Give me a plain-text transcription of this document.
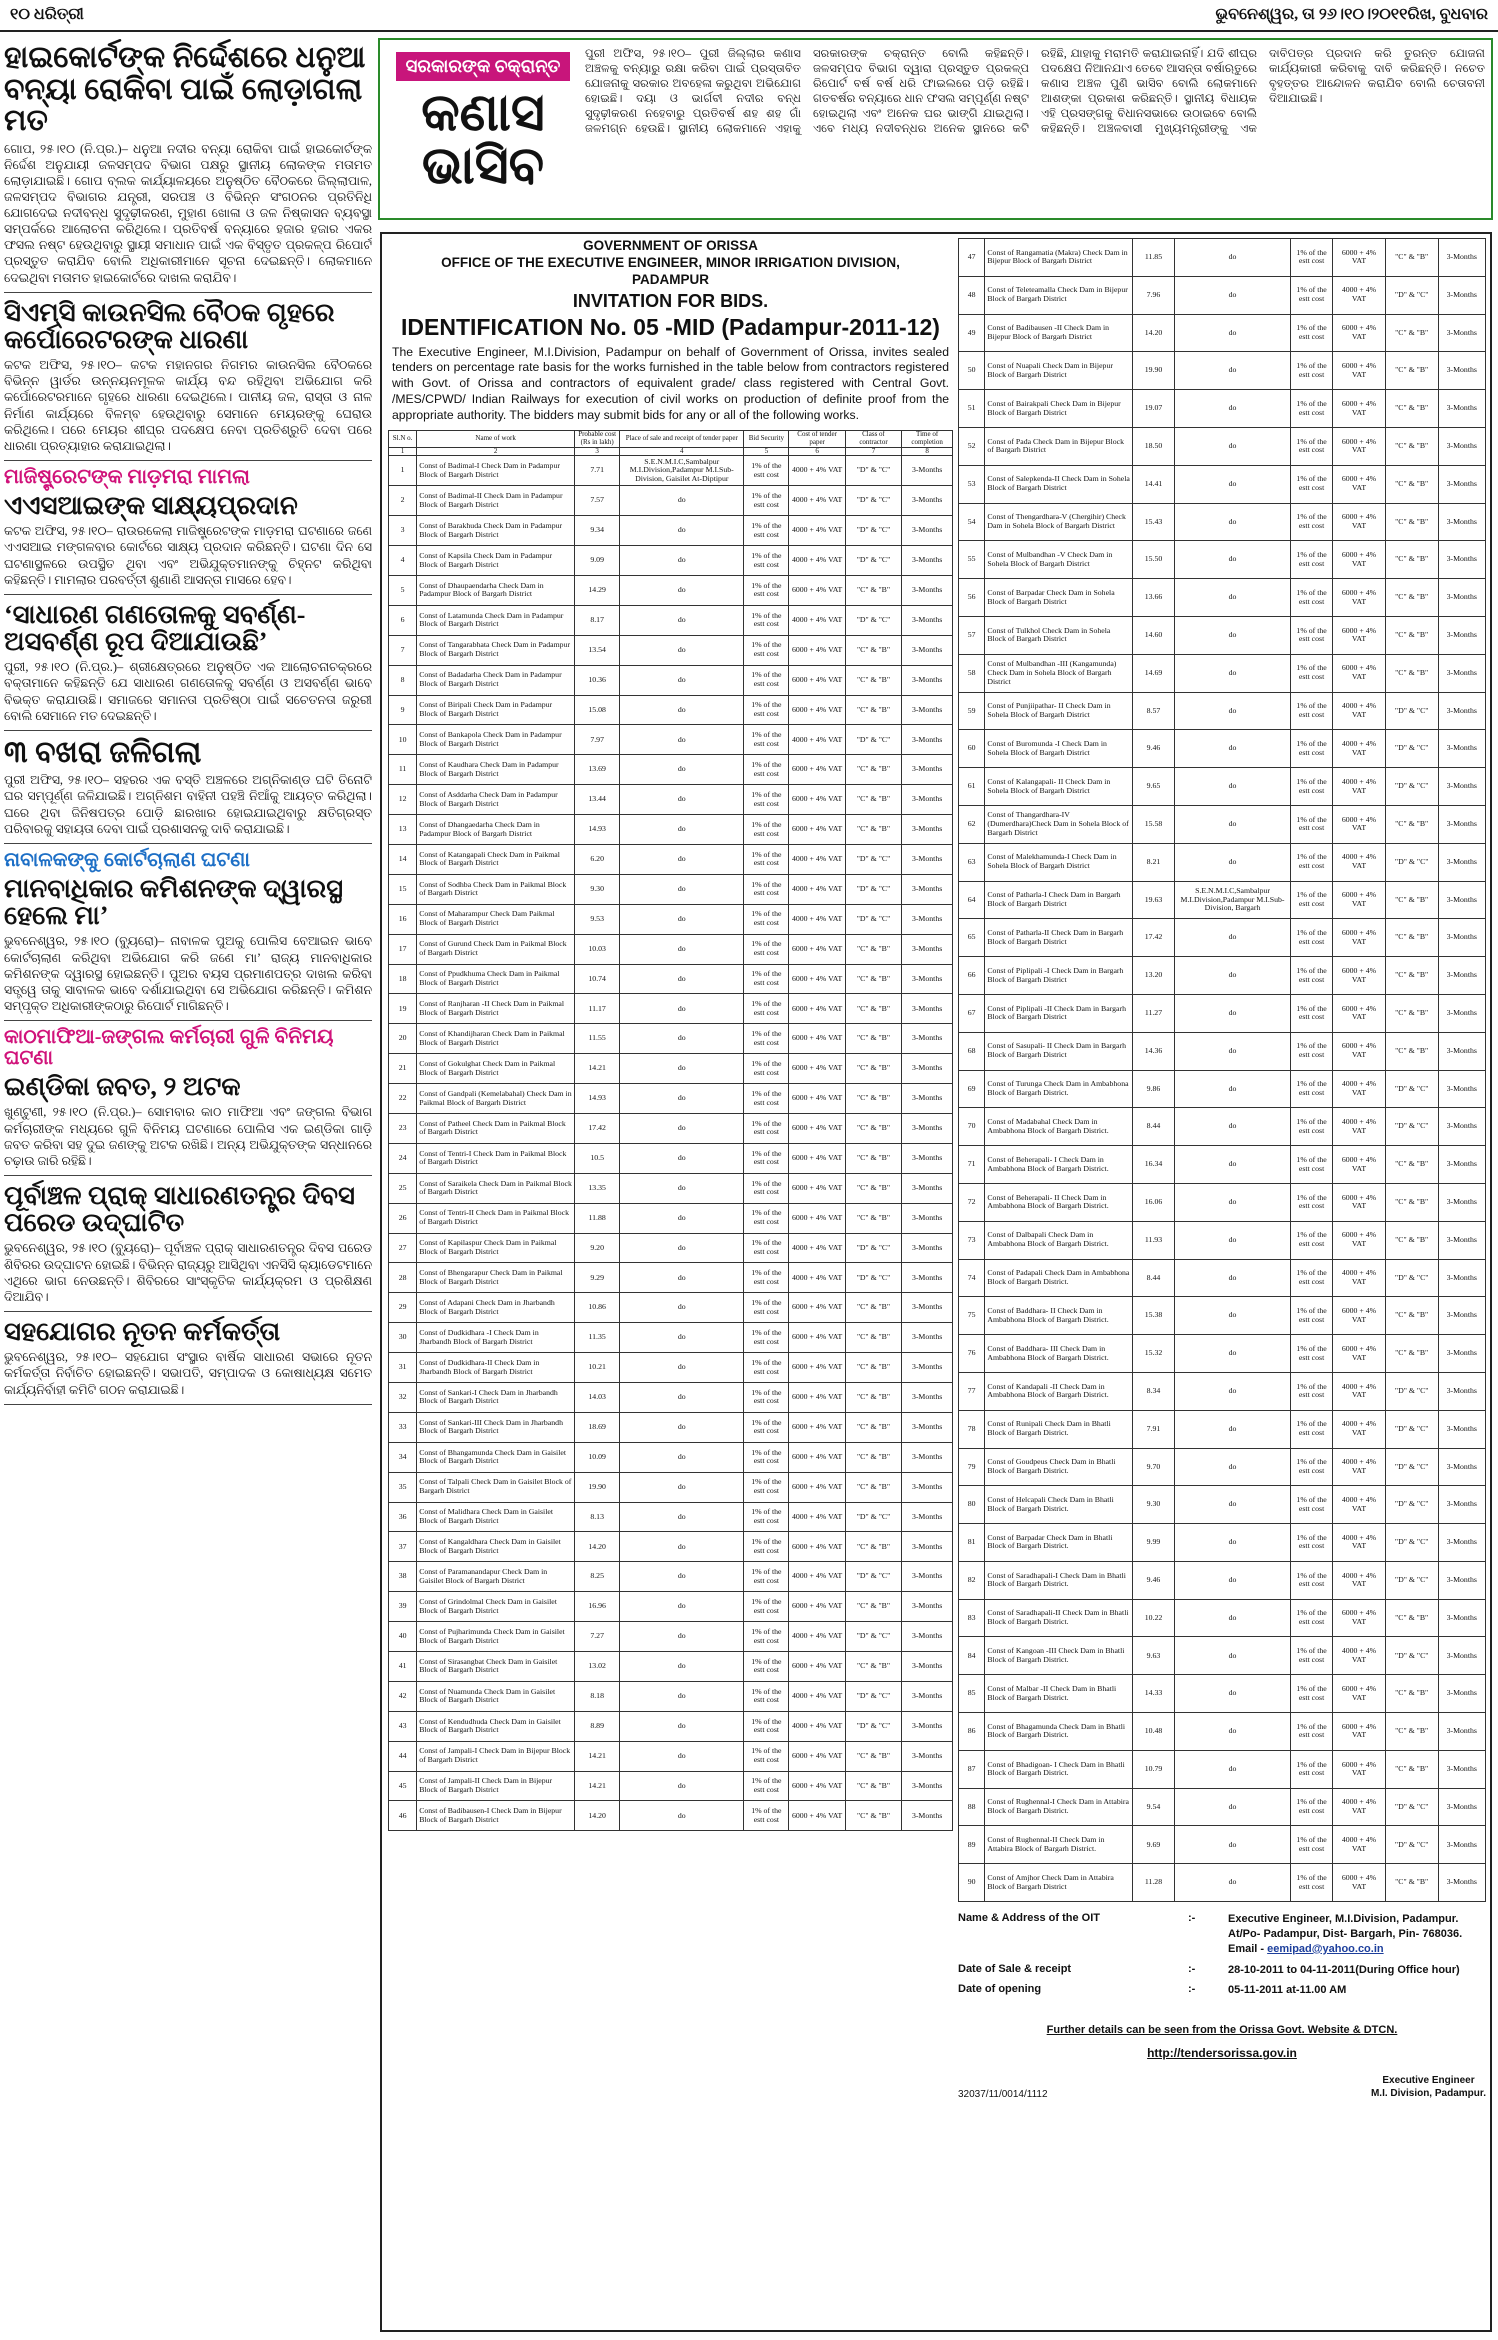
୧୦ ଧରିତ୍ରୀ	ଭୁବନେଶ୍ୱର, ତା ୨୬।୧୦।୨୦୧୧ରିଖ, ବୁଧବାର
ହାଇକୋର୍ଟଙ୍କ ନିର୍ଦ୍ଦେଶରେ ଧନୁଆ ବନ୍ୟା ରୋକିବା ପାଇଁ ଲୋଡ଼ାଗଲା ମତ
ଗୋପ, ୨୫।୧୦ (ନି.ପ୍ର.)– ଧନୁଆ ନଦୀର ବନ୍ୟା ରୋକିବା ପାଇଁ ହାଇକୋର୍ଟଙ୍କ ନିର୍ଦ୍ଦେଶ ଅନୁଯାୟୀ ଜଳସମ୍ପଦ ବିଭାଗ ପକ୍ଷରୁ ସ୍ଥାନୀୟ ଲୋକଙ୍କ ମତାମତ ଲୋଡ଼ାଯାଇଛି। ଗୋପ ବ୍ଲକ କାର୍ଯ୍ୟାଳୟରେ ଅନୁଷ୍ଠିତ ବୈଠକରେ ଜିଲ୍ଲାପାଳ, ଜଳସମ୍ପଦ ବିଭାଗର ଯନ୍ତ୍ରୀ, ସରପଞ୍ଚ ଓ ବିଭିନ୍ନ ସଂଗଠନର ପ୍ରତିନିଧି ଯୋଗଦେଇ ନଦୀବନ୍ଧ ସୁଦୃଢ଼ୀକରଣ, ମୁହାଣ ଖୋଳା ଓ ଜଳ ନିଷ୍କାସନ ବ୍ୟବସ୍ଥା ସମ୍ପର୍କରେ ଆଲୋଚନା କରିଥିଲେ। ପ୍ରତିବର୍ଷ ବନ୍ୟାରେ ହଜାର ହଜାର ଏକର ଫସଲ ନଷ୍ଟ ହେଉଥିବାରୁ ସ୍ଥାୟୀ ସମାଧାନ ପାଇଁ ଏକ ବିସ୍ତୃତ ପ୍ରକଳ୍ପ ରିପୋର୍ଟ ପ୍ରସ୍ତୁତ କରାଯିବ ବୋଲି ଅଧିକାରୀମାନେ ସୂଚନା ଦେଇଛନ୍ତି। ଲୋକମାନେ ଦେଇଥିବା ମତାମତ ହାଇକୋର୍ଟରେ ଦାଖଲ କରାଯିବ।
ସିଏମ୍‌ସି କାଉନସିଲ ବୈଠକ ଗୃହରେ କର୍ପୋରେଟରଙ୍କ ଧାରଣା
କଟକ ଅଫିସ, ୨୫।୧୦– କଟକ ମହାନଗର ନିଗମର କାଉନସିଲ ବୈଠକରେ ବିଭିନ୍ନ ୱାର୍ଡର ଉନ୍ନୟନମୂଳକ କାର୍ଯ୍ୟ ବନ୍ଦ ରହିଥିବା ଅଭିଯୋଗ କରି କର୍ପୋରେଟରମାନେ ଗୃହରେ ଧାରଣା ଦେଇଥିଲେ। ପାନୀୟ ଜଳ, ରାସ୍ତା ଓ ନାଳ ନିର୍ମାଣ କାର୍ଯ୍ୟରେ ବିଳମ୍ବ ହେଉଥିବାରୁ ସେମାନେ ମେୟରଙ୍କୁ ଘେରାଉ କରିଥିଲେ। ପରେ ମେୟର ଶୀଘ୍ର ପଦକ୍ଷେପ ନେବା ପ୍ରତିଶ୍ରୁତି ଦେବା ପରେ ଧାରଣା ପ୍ରତ୍ୟାହାର କରାଯାଇଥିଲା।
ମାଜିଷ୍ଟ୍ରେଟଙ୍କ ମାଡ଼ମରା ମାମଲା
ଏଏସଆଇଙ୍କ ସାକ୍ଷ୍ୟପ୍ରଦାନ
କଟକ ଅଫିସ, ୨୫।୧୦– ରାଉରକେଲା ମାଜିଷ୍ଟ୍ରେଟଙ୍କ ମାଡ଼ମରା ଘଟଣାରେ ଜଣେ ଏଏସଆଇ ମଙ୍ଗଳବାର କୋର୍ଟରେ ସାକ୍ଷ୍ୟ ପ୍ରଦାନ କରିଛନ୍ତି। ଘଟଣା ଦିନ ସେ ଘଟଣାସ୍ଥଳରେ ଉପସ୍ଥିତ ଥିବା ଏବଂ ଅଭିଯୁକ୍ତମାନଙ୍କୁ ଚିହ୍ନଟ କରିଥିବା କହିଛନ୍ତି। ମାମଲାର ପରବର୍ତ୍ତୀ ଶୁଣାଣି ଆସନ୍ତା ମାସରେ ହେବ।
‘ସାଧାରଣ ଗଣତୋଳକୁ ସବର୍ଣ୍ଣ-ଅସବର୍ଣ୍ଣ ରୂପ ଦିଆଯାଉଛି’
ପୁରୀ, ୨୫।୧୦ (ନି.ପ୍ର.)– ଶ୍ରୀକ୍ଷେତ୍ରରେ ଅନୁଷ୍ଠିତ ଏକ ଆଲୋଚନାଚକ୍ରରେ ବକ୍ତାମାନେ କହିଛନ୍ତି ଯେ ସାଧାରଣ ଗଣତୋଳକୁ ସବର୍ଣ୍ଣ ଓ ଅସବର୍ଣ୍ଣ ଭାବେ ବିଭକ୍ତ କରାଯାଉଛି। ସମାଜରେ ସମାନତା ପ୍ରତିଷ୍ଠା ପାଇଁ ସଚେତନତା ଜରୁରୀ ବୋଲି ସେମାନେ ମତ ଦେଇଛନ୍ତି।
୩ ବଖରା ଜଳିଗଲା
ପୁରୀ ଅଫିସ, ୨୫।୧୦– ସହରର ଏକ ବସ୍ତି ଅଞ୍ଚଳରେ ଅଗ୍ନିକାଣ୍ଡ ଘଟି ତିନୋଟି ଘର ସମ୍ପୂର୍ଣ୍ଣ ଜଳିଯାଇଛି। ଅଗ୍ନିଶମ ବାହିନୀ ପହଞ୍ଚି ନିଆଁକୁ ଆୟତ୍ତ କରିଥିଲା। ଘରେ ଥିବା ଜିନିଷପତ୍ର ପୋଡ଼ି ଛାରଖାର ହୋଇଯାଇଥିବାରୁ କ୍ଷତିଗ୍ରସ୍ତ ପରିବାରକୁ ସହାୟତା ଦେବା ପାଇଁ ପ୍ରଶାସନକୁ ଦାବି କରାଯାଇଛି।
ନାବାଳକଙ୍କୁ କୋର୍ଟଚାଲାଣ ଘଟଣା
ମାନବାଧିକାର କମିଶନଙ୍କ ଦ୍ୱାରସ୍ଥ ହେଲେ ମା’
ଭୁବନେଶ୍ୱର, ୨୫।୧୦ (ବ୍ୟୁରୋ)– ନାବାଳକ ପୁଅକୁ ପୋଲିସ ବେଆଇନ ଭାବେ କୋର୍ଟଚାଲାଣ କରିଥିବା ଅଭିଯୋଗ କରି ଜଣେ ମା’ ରାଜ୍ୟ ମାନବାଧିକାର କମିଶନଙ୍କ ଦ୍ୱାରସ୍ଥ ହୋଇଛନ୍ତି। ପୁଅର ବୟସ ପ୍ରମାଣପତ୍ର ଦାଖଲ କରିବା ସତ୍ତ୍ୱେ ତାକୁ ସାବାଳକ ଭାବେ ଦର୍ଶାଯାଇଥିବା ସେ ଅଭିଯୋଗ କରିଛନ୍ତି। କମିଶନ ସମ୍ପୃକ୍ତ ଅଧିକାରୀଙ୍କଠାରୁ ରିପୋର୍ଟ ମାଗିଛନ୍ତି।
କାଠମାଫିଆ-ଜଙ୍ଗଲ କର୍ମଚାରୀ ଗୁଳି ବିନିମୟ ଘଟଣା
ଇଣ୍ଡିକା ଜବତ, ୨ ଅଟକ
ଖୁଣ୍ଟୁଣୀ, ୨୫।୧୦ (ନି.ପ୍ର.)– ସୋମବାର କାଠ ମାଫିଆ ଏବଂ ଜଙ୍ଗଲ ବିଭାଗ କର୍ମଚାରୀଙ୍କ ମଧ୍ୟରେ ଗୁଳି ବିନିମୟ ଘଟଣାରେ ପୋଲିସ ଏକ ଇଣ୍ଡିକା ଗାଡ଼ି ଜବତ କରିବା ସହ ଦୁଇ ଜଣଙ୍କୁ ଅଟକ ରଖିଛି। ଅନ୍ୟ ଅଭିଯୁକ୍ତଙ୍କ ସନ୍ଧାନରେ ଚଢ଼ାଉ ଜାରି ରହିଛି।
ପୂର୍ବାଞ୍ଚଳ ପ୍ରାକ୍ ସାଧାରଣତନ୍ତ୍ର ଦିବସ ପରେଡ ଉଦ୍‌ଘାଟିତ
ଭୁବନେଶ୍ୱର, ୨୫।୧୦ (ବ୍ୟୁରୋ)– ପୂର୍ବାଞ୍ଚଳ ପ୍ରାକ୍ ସାଧାରଣତନ୍ତ୍ର ଦିବସ ପରେଡ ଶିବିରର ଉଦ୍‌ଘାଟନ ହୋଇଛି। ବିଭିନ୍ନ ରାଜ୍ୟରୁ ଆସିଥିବା ଏନସିସି କ୍ୟାଡେଟମାନେ ଏଥିରେ ଭାଗ ନେଉଛନ୍ତି। ଶିବିରରେ ସାଂସ୍କୃତିକ କାର୍ଯ୍ୟକ୍ରମ ଓ ପ୍ରଶିକ୍ଷଣ ଦିଆଯିବ।
ସହଯୋଗର ନୂତନ କର୍ମକର୍ତ୍ତା
ଭୁବନେଶ୍ୱର, ୨୫।୧୦– ସହଯୋଗ ସଂସ୍ଥାର ବାର୍ଷିକ ସାଧାରଣ ସଭାରେ ନୂତନ କର୍ମକର୍ତ୍ତା ନିର୍ବାଚିତ ହୋଇଛନ୍ତି। ସଭାପତି, ସମ୍ପାଦକ ଓ କୋଷାଧ୍ୟକ୍ଷ ସମେତ କାର୍ଯ୍ୟନିର୍ବାହୀ କମିଟି ଗଠନ କରାଯାଇଛି।
ସରକାରଙ୍କ ଚକ୍ରାନ୍ତ
କଣାସ ଭାସିବ
ପୁରୀ ଅଫିସ, ୨୫।୧୦– ପୁରୀ ଜିଲ୍ଲାର କଣାସ ଅଞ୍ଚଳକୁ ବନ୍ୟାରୁ ରକ୍ଷା କରିବା ପାଇଁ ପ୍ରସ୍ତାବିତ ଯୋଜନାକୁ ସରକାର ଅବହେଳା କରୁଥିବା ଅଭିଯୋଗ ହୋଇଛି। ଦୟା ଓ ଭାର୍ଗବୀ ନଦୀର ବନ୍ଧ ସୁଦୃଢ଼ୀକରଣ ନହେବାରୁ ପ୍ରତିବର୍ଷ ଶହ ଶହ ଗାଁ ଜଳମଗ୍ନ ହେଉଛି। ସ୍ଥାନୀୟ ଲୋକମାନେ ଏହାକୁ ସରକାରଙ୍କ ଚକ୍ରାନ୍ତ ବୋଲି କହିଛନ୍ତି। ଜଳସମ୍ପଦ ବିଭାଗ ଦ୍ୱାରା ପ୍ରସ୍ତୁତ ପ୍ରକଳ୍ପ ରିପୋର୍ଟ ବର୍ଷ ବର୍ଷ ଧରି ଫାଇଲରେ ପଡ଼ି ରହିଛି। ଗତବର୍ଷର ବନ୍ୟାରେ ଧାନ ଫସଲ ସମ୍ପୂର୍ଣ୍ଣ ନଷ୍ଟ ହୋଇଥିଲା ଏବଂ ଅନେକ ଘର ଭାଙ୍ଗି ଯାଇଥିଲା। ଏବେ ମଧ୍ୟ ନଦୀବନ୍ଧର ଅନେକ ସ୍ଥାନରେ କଟି ରହିଛି, ଯାହାକୁ ମରାମତି କରାଯାଇନାହିଁ। ଯଦି ଶୀଘ୍ର ପଦକ୍ଷେପ ନିଆନଯାଏ ତେବେ ଆସନ୍ତା ବର୍ଷାଋତୁରେ କଣାସ ଅଞ୍ଚଳ ପୁଣି ଭାସିବ ବୋଲି ଲୋକମାନେ ଆଶଙ୍କା ପ୍ରକାଶ କରିଛନ୍ତି। ସ୍ଥାନୀୟ ବିଧାୟକ ଏହି ପ୍ରସଙ୍ଗକୁ ବିଧାନସଭାରେ ଉଠାଇବେ ବୋଲି କହିଛନ୍ତି। ଅଞ୍ଚଳବାସୀ ମୁଖ୍ୟମନ୍ତ୍ରୀଙ୍କୁ ଏକ ଦାବିପତ୍ର ପ୍ରଦାନ କରି ତୁରନ୍ତ ଯୋଜନା କାର୍ଯ୍ୟକାରୀ କରିବାକୁ ଦାବି କରିଛନ୍ତି। ନଚେତ ବୃହତ୍ତର ଆନ୍ଦୋଳନ କରାଯିବ ବୋଲି ଚେତାବନୀ ଦିଆଯାଇଛି।
GOVERNMENT OF ORISSA
OFFICE OF THE EXECUTIVE ENGINEER, MINOR IRRIGATION DIVISION,
PADAMPUR
INVITATION FOR BIDS.
IDENTIFICATION No. 05 -MID (Padampur-2011-12)
The Executive Engineer, M.I.Division, Padampur on behalf of Government of Orissa, invites sealed tenders on percentage rate basis for the works furnished in the table below from contractors registered with Govt. of Orissa and contractors of equivalent grade/ class registered with Central Govt. /MES/CPWD/ Indian Railways for execution of civil works on production of definite proof from the appropriate authority. The bidders may submit bids for any or all of the following works.
Sl.N o.	Name of work	Probable cost (Rs in lakh)	Place of sale and receipt of tender paper	Bid Security	Cost of tender paper	Class of contractor	Time of completion
1	2	3	4	5	6	7	8
1	Const of Badimal-I Check Dam in Padampur Block of Bargarh District	7.71	S.E.N.M.I.C,Sambalpur M.I.Division,Padampur M.I.Sub-Division, Gaisilet At-Diptipur	1% of the estt cost	4000 + 4% VAT	"D" & "C"	3-Months
2	Const of Badimal-II Check Dam in Padampur Block of Bargarh District	7.57	do	1% of the estt cost	4000 + 4% VAT	"D" & "C"	3-Months
3	Const of Barakhuda Check Dam in Padampur Block of Bargarh District	9.34	do	1% of the estt cost	4000 + 4% VAT	"D" & "C"	3-Months
4	Const of Kapsila Check Dam in Padampur Block of Bargarh District	9.09	do	1% of the estt cost	4000 + 4% VAT	"D" & "C"	3-Months
5	Const of Dhaupaendarha Check Dam in Padampur Block of Bargarh District	14.29	do	1% of the estt cost	6000 + 4% VAT	"C" & "B"	3-Months
6	Const of Latamunda Check Dam in Padampur Block of Bargarh District	8.17	do	1% of the estt cost	4000 + 4% VAT	"D" & "C"	3-Months
7	Const of Tangarabhata Check Dam in Padampur Block of Bargarh District	13.54	do	1% of the estt cost	6000 + 4% VAT	"C" & "B"	3-Months
8	Const of Badadarha Check Dam in Padampur Block of Bargarh District	10.36	do	1% of the estt cost	6000 + 4% VAT	"C" & "B"	3-Months
9	Const of Biripali Check Dam in Padampur Block of Bargarh District	15.08	do	1% of the estt cost	6000 + 4% VAT	"C" & "B"	3-Months
10	Const of Bankapola Check Dam in Padampur Block of Bargarh District	7.97	do	1% of the estt cost	4000 + 4% VAT	"D" & "C"	3-Months
11	Const of Kaudhara Check Dam in Padampur Block of Bargarh District	13.69	do	1% of the estt cost	6000 + 4% VAT	"C" & "B"	3-Months
12	Const of Asddarha Check Dam in Padampur Block of Bargarh District	13.44	do	1% of the estt cost	6000 + 4% VAT	"C" & "B"	3-Months
13	Const of Dhangaedarha Check Dam in Padampur Block of Bargarh District	14.93	do	1% of the estt cost	6000 + 4% VAT	"C" & "B"	3-Months
14	Const of Katangapali Check Dam in Paikmal Block of Bargarh District	6.20	do	1% of the estt cost	4000 + 4% VAT	"D" & "C"	3-Months
15	Const of Sodhba Check Dam in Paikmal Block of Bargarh District	9.30	do	1% of the estt cost	4000 + 4% VAT	"D" & "C"	3-Months
16	Const of Maharampur Check Dam Paikmal Block of Bargarh District	9.53	do	1% of the estt cost	4000 + 4% VAT	"D" & "C"	3-Months
17	Const of Gurund Check Dam in Paikmal Block of Bargarh District	10.03	do	1% of the estt cost	6000 + 4% VAT	"C" & "B"	3-Months
18	Const of Ppudkhuma Check Dam in Paikmal Block of Bargarh District	10.74	do	1% of the estt cost	6000 + 4% VAT	"C" & "B"	3-Months
19	Const of Ranjharan -II Check Dam in Paikmal Block of Bargarh District	11.17	do	1% of the estt cost	6000 + 4% VAT	"C" & "B"	3-Months
20	Const of Khandijharan Check Dam in Paikmal Block of Bargarh District	11.55	do	1% of the estt cost	6000 + 4% VAT	"C" & "B"	3-Months
21	Const of Gokulghat Check Dam in Paikmal Block of Bargarh District	14.21	do	1% of the estt cost	6000 + 4% VAT	"C" & "B"	3-Months
22	Const of Gandpali (Kemelabahal) Check Dam in Paikmal Block of Bargarh District	14.93	do	1% of the estt cost	6000 + 4% VAT	"C" & "B"	3-Months
23	Const of Patheel Check Dam in Paikmal Block of Bargarh District	17.42	do	1% of the estt cost	6000 + 4% VAT	"C" & "B"	3-Months
24	Const of Tentri-I Check Dam in Paikmal Block of Bargarh District	10.5	do	1% of the estt cost	6000 + 4% VAT	"C" & "B"	3-Months
25	Const of Saraikela Check Dam in Paikmal Block of Bargarh District	13.35	do	1% of the estt cost	6000 + 4% VAT	"C" & "B"	3-Months
26	Const of Tentri-II Check Dam in Paikmal Block of Bargarh District	11.88	do	1% of the estt cost	6000 + 4% VAT	"C" & "B"	3-Months
27	Const of Kapilaspur Check Dam in Paikmal Block of Bargarh District	9.20	do	1% of the estt cost	4000 + 4% VAT	"D" & "C"	3-Months
28	Const of Bhengarapur Check Dam in Paikmal Block of Bargarh District	9.29	do	1% of the estt cost	4000 + 4% VAT	"D" & "C"	3-Months
29	Const of Adapani Check Dam in Jharbandh Block of Bargarh District	10.86	do	1% of the estt cost	6000 + 4% VAT	"C" & "B"	3-Months
30	Const of Dudkidhara -I Check Dam in Jharbandh Block of Bargarh District	11.35	do	1% of the estt cost	6000 + 4% VAT	"C" & "B"	3-Months
31	Const of Dudkidhara-II Check Dam in Jharbandh Block of Bargarh District	10.21	do	1% of the estt cost	6000 + 4% VAT	"C" & "B"	3-Months
32	Const of Sankari-I Check Dam in Jharbandh Block of Bargarh District	14.03	do	1% of the estt cost	6000 + 4% VAT	"C" & "B"	3-Months
33	Const of Sankari-III Check Dam in Jharbandh Block of Bargarh District	18.69	do	1% of the estt cost	6000 + 4% VAT	"C" & "B"	3-Months
34	Const of Bhangamunda Check Dam in Gaisilet Block of Bargarh District	10.09	do	1% of the estt cost	6000 + 4% VAT	"C" & "B"	3-Months
35	Const of Talpali Check Dam in Gaisilet Block of Bargarh District	19.90	do	1% of the estt cost	6000 + 4% VAT	"C" & "B"	3-Months
36	Const of Malidhara Check Dam in Gaisilet Block of Bargarh District	8.13	do	1% of the estt cost	4000 + 4% VAT	"D" & "C"	3-Months
37	Const of Kangaldhara Check Dam in Gaisilet Block of Bargarh District	14.20	do	1% of the estt cost	6000 + 4% VAT	"C" & "B"	3-Months
38	Const of Paramanandapur Check Dam in Gaisilet Block of Bargarh District	8.25	do	1% of the estt cost	4000 + 4% VAT	"D" & "C"	3-Months
39	Const of Grindolmal Check Dam in Gaisilet Block of Bargarh District	16.96	do	1% of the estt cost	6000 + 4% VAT	"C" & "B"	3-Months
40	Const of Pujharimunda Check Dam in Gaisilet Block of Bargarh District	7.27	do	1% of the estt cost	4000 + 4% VAT	"D" & "C"	3-Months
41	Const of Sirasangbat Check Dam in Gaisilet Block of Bargarh District	13.02	do	1% of the estt cost	6000 + 4% VAT	"C" & "B"	3-Months
42	Const of Nuamunda Check Dam in Gaisilet Block of Bargarh District	8.18	do	1% of the estt cost	4000 + 4% VAT	"D" & "C"	3-Months
43	Const of Kendudhuda Check Dam in Gaisilet Block of Bargarh District	8.89	do	1% of the estt cost	4000 + 4% VAT	"D" & "C"	3-Months
44	Const of Jampali-I Check Dam in Bijepur Block of Bargarh District	14.21	do	1% of the estt cost	6000 + 4% VAT	"C" & "B"	3-Months
45	Const of Jampali-II Check Dam in Bijepur Block of Bargarh District	14.21	do	1% of the estt cost	6000 + 4% VAT	"C" & "B"	3-Months
46	Const of Badibausen-I Check Dam in Bijepur Block of Bargarh District	14.20	do	1% of the estt cost	6000 + 4% VAT	"C" & "B"	3-Months
47	Const of Rangamatia (Makra) Check Dam in Bijepur Block of Bargarh District	11.85	do	1% of the estt cost	6000 + 4% VAT	"C" & "B"	3-Months
48	Const of Teleteamalla Check Dam in Bijepur Block of Bargarh District	7.96	do	1% of the estt cost	4000 + 4% VAT	"D" & "C"	3-Months
49	Const of Badibausen -II Check Dam in Bijepur Block of Bargarh District	14.20	do	1% of the estt cost	6000 + 4% VAT	"C" & "B"	3-Months
50	Const of Nuapali Check Dam in Bijepur Block of Bargarh District	19.90	do	1% of the estt cost	6000 + 4% VAT	"C" & "B"	3-Months
51	Const of Bairakpali Check Dam in Bijepur Block of Bargarh District	19.07	do	1% of the estt cost	6000 + 4% VAT	"C" & "B"	3-Months
52	Const of Pada Check Dam in Bijepur Block of Bargarh District	18.50	do	1% of the estt cost	6000 + 4% VAT	"C" & "B"	3-Months
53	Const of Salepkenda-II Check Dam in Sohela Block of Bargarh District	14.41	do	1% of the estt cost	6000 + 4% VAT	"C" & "B"	3-Months
54	Const of Thengardhara-V (Chergihir) Check Dam in Sohela Block of Bargarh District	15.43	do	1% of the estt cost	6000 + 4% VAT	"C" & "B"	3-Months
55	Const of Mulbandhan -V Check Dam in Sohela Block of Bargarh District	15.50	do	1% of the estt cost	6000 + 4% VAT	"C" & "B"	3-Months
56	Const of Barpadar Check Dam in Sohela Block of Bargarh District	13.66	do	1% of the estt cost	6000 + 4% VAT	"C" & "B"	3-Months
57	Const of Tulkhol Check Dam in Sohela Block of Bargarh District	14.60	do	1% of the estt cost	6000 + 4% VAT	"C" & "B"	3-Months
58	Const of Mulbandhan -III (Kangamunda) Check Dam in Sohela Block of Bargarh District	14.69	do	1% of the estt cost	6000 + 4% VAT	"C" & "B"	3-Months
59	Const of Punjiipathar- II Check Dam in Sohela Block of Bargarh District	8.57	do	1% of the estt cost	4000 + 4% VAT	"D" & "C"	3-Months
60	Const of Buromunda -I Check Dam in Sohela Block of Bargarh District	9.46	do	1% of the estt cost	4000 + 4% VAT	"D" & "C"	3-Months
61	Const of Kalangapali- II Check Dam in Sohela Block of Bargarh District	9.65	do	1% of the estt cost	4000 + 4% VAT	"D" & "C"	3-Months
62	Const of Thangardhara-IV (Dumerdhara)Check Dam in Sohela Block of Bargarh District	15.58	do	1% of the estt cost	6000 + 4% VAT	"C" & "B"	3-Months
63	Const of Malekhamunda-I Check Dam in Sohela Block of Bargarh District	8.21	do	1% of the estt cost	4000 + 4% VAT	"D" & "C"	3-Months
64	Const of Patharla-I Check Dam in Bargarh Block of Bargarh District	19.63	S.E.N.M.I.C,Sambalpur M.I.Division,Padampur M.I.Sub-Division, Bargarh	1% of the estt cost	6000 + 4% VAT	"C" & "B"	3-Months
65	Const of Patharla-II Check Dam in Bargarh Block of Bargarh District	17.42	do	1% of the estt cost	6000 + 4% VAT	"C" & "B"	3-Months
66	Const of Piplipali -I Check Dam in Bargarh Block of Bargarh District	13.20	do	1% of the estt cost	6000 + 4% VAT	"C" & "B"	3-Months
67	Const of Piplipali -II Check Dam in Bargarh Block of Bargarh District	11.27	do	1% of the estt cost	6000 + 4% VAT	"C" & "B"	3-Months
68	Const of Sasupali- II Check Dam in Bargarh Block of Bargarh District	14.36	do	1% of the estt cost	6000 + 4% VAT	"C" & "B"	3-Months
69	Const of Turunga Check Dam in Ambabhona Block of Bargarh District.	9.86	do	1% of the estt cost	4000 + 4% VAT	"D" & "C"	3-Months
70	Const of Madabahal Check Dam in Ambabhona Block of Bargarh District.	8.44	do	1% of the estt cost	4000 + 4% VAT	"D" & "C"	3-Months
71	Const of Beherapali- I Check Dam in Ambabhona Block of Bargarh District.	16.34	do	1% of the estt cost	6000 + 4% VAT	"C" & "B"	3-Months
72	Const of Beherapali- II Check Dam in Ambabhona Block of Bargarh District.	16.06	do	1% of the estt cost	6000 + 4% VAT	"C" & "B"	3-Months
73	Const of Dalbapali Check Dam in Ambabhona Block of Bargarh District.	11.93	do	1% of the estt cost	6000 + 4% VAT	"C" & "B"	3-Months
74	Const of Padapali Check Dam in Ambabhona Block of Bargarh District.	8.44	do	1% of the estt cost	4000 + 4% VAT	"D" & "C"	3-Months
75	Const of Baddhara- II Check Dam in Ambabhona Block of Bargarh District.	15.38	do	1% of the estt cost	6000 + 4% VAT	"C" & "B"	3-Months
76	Const of Baddhara- III Check Dam in Ambabhona Block of Bargarh District.	15.32	do	1% of the estt cost	6000 + 4% VAT	"C" & "B"	3-Months
77	Const of Kandapali -II Check Dam in Ambabhona Block of Bargarh District.	8.34	do	1% of the estt cost	4000 + 4% VAT	"D" & "C"	3-Months
78	Const of Runipali Check Dam in Bhatli Block of Bargarh District.	7.91	do	1% of the estt cost	4000 + 4% VAT	"D" & "C"	3-Months
79	Const of Goudpeus Check Dam in Bhatli Block of Bargarh District.	9.70	do	1% of the estt cost	4000 + 4% VAT	"D" & "C"	3-Months
80	Const of Helcapali Check Dam in Bhatli Block of Bargarh District.	9.30	do	1% of the estt cost	4000 + 4% VAT	"D" & "C"	3-Months
81	Const of Barpadar Check Dam in Bhatli Block of Bargarh District.	9.99	do	1% of the estt cost	4000 + 4% VAT	"D" & "C"	3-Months
82	Const of Saradhapali-I Check Dam in Bhatli Block of Bargarh District.	9.46	do	1% of the estt cost	4000 + 4% VAT	"D" & "C"	3-Months
83	Const of Saradhapali-II Check Dam in Bhatli Block of Bargarh District.	10.22	do	1% of the estt cost	6000 + 4% VAT	"C" & "B"	3-Months
84	Const of Kangoan -III Check Dam in Bhatli Block of Bargarh District.	9.63	do	1% of the estt cost	4000 + 4% VAT	"D" & "C"	3-Months
85	Const of Malbar -II Check Dam in Bhatli Block of Bargarh District.	14.33	do	1% of the estt cost	6000 + 4% VAT	"C" & "B"	3-Months
86	Const of Bhagamunda Check Dam in Bhatli Block of Bargarh District.	10.48	do	1% of the estt cost	6000 + 4% VAT	"C" & "B"	3-Months
87	Const of Bhadigoan- I Check Dam in Bhatli Block of Bargarh District.	10.79	do	1% of the estt cost	6000 + 4% VAT	"C" & "B"	3-Months
88	Const of Rughennal-I Check Dam in Attabira Block of Bargarh District.	9.54	do	1% of the estt cost	4000 + 4% VAT	"D" & "C"	3-Months
89	Const of Rughennal-II Check Dam in Attabira Block of Bargarh District.	9.69	do	1% of the estt cost	4000 + 4% VAT	"D" & "C"	3-Months
90	Const of Amjhor Check Dam in Attabira Block of Bargarh District	11.28	do	1% of the estt cost	6000 + 4% VAT	"C" & "B"	3-Months
Name & Address of the OIT	:-	Executive Engineer, M.I.Division, Padampur.
At/Po- Padampur, Dist- Bargarh, Pin- 768036.
Email - eemipad@yahoo.co.in
Date of Sale & receipt	:-	28-10-2011 to 04-11-2011(During Office hour)
Date of opening	:-	05-11-2011 at-11.00 AM
Further details can be seen from the Orissa Govt. Website & DTCN.
http://tendersorissa.gov.in
32037/11/0014/1112
Executive Engineer
M.I. Division, Padampur.
